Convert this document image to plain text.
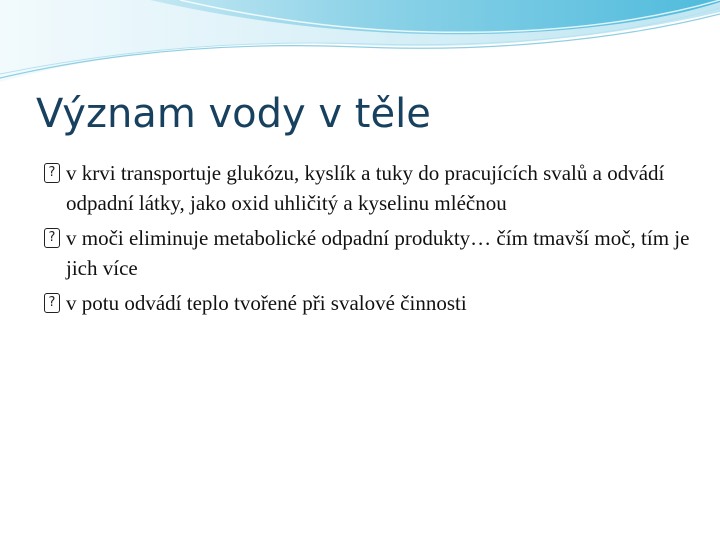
Význam vody v těle
? v krvi transportuje glukózu, kyslík a tuky do pracujících svalů a odvádí odpadní látky, jako oxid uhličitý a kyselinu mléčnou
? v moči eliminuje metabolické odpadní produkty… čím tmavší moč, tím je jich více
? v potu odvádí teplo tvořené při svalové činnosti
